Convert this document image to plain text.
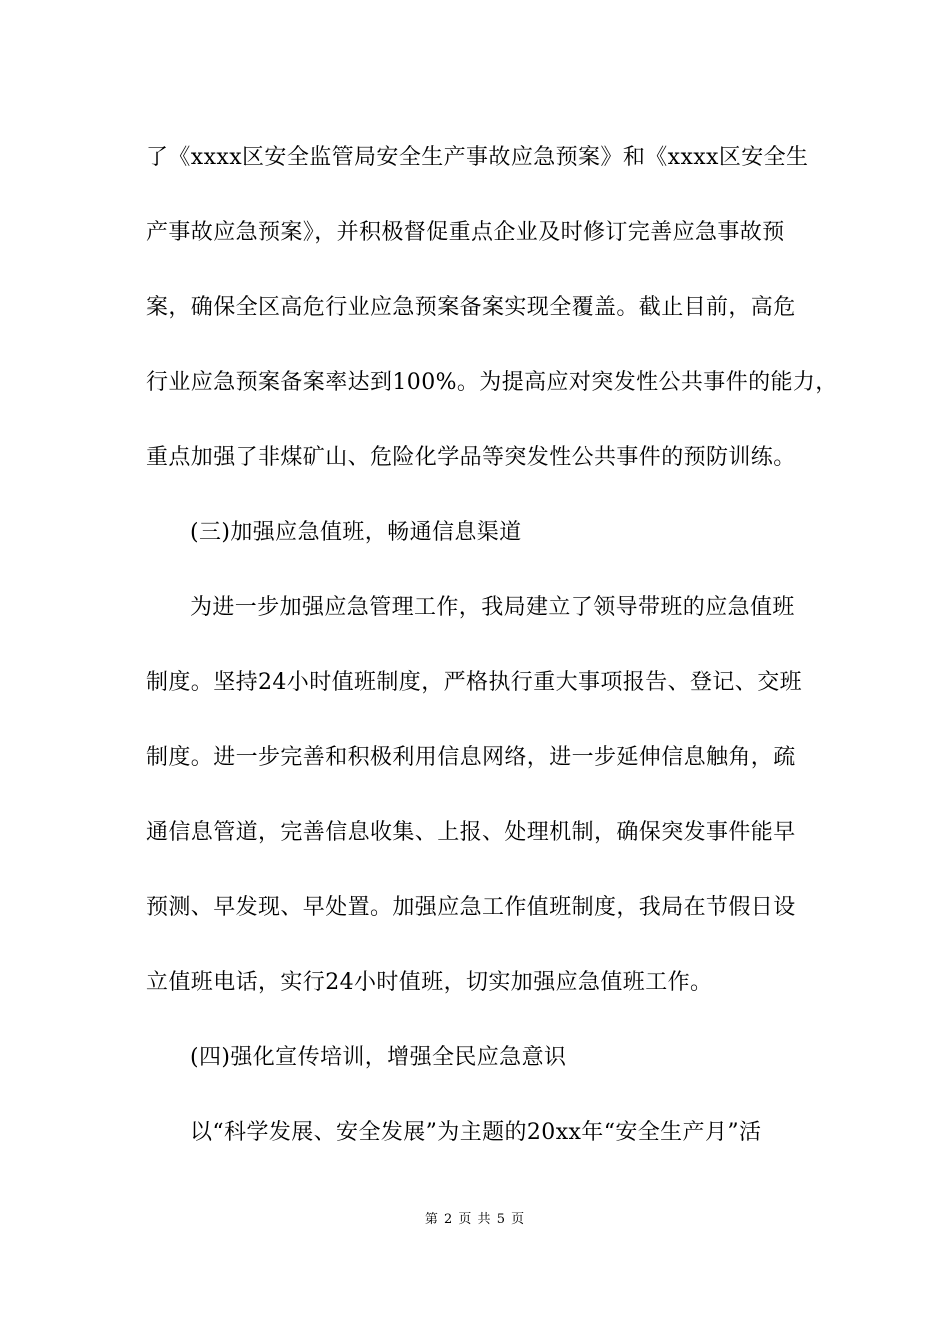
了《xxxx区安全监管局安全生产事故应急预案》和《xxxx区安全生
产事故应急预案》，并积极督促重点企业及时修订完善应急事故预
案，确保全区高危行业应急预案备案实现全覆盖。截止目前，高危
行业应急预案备案率达到100%。为提高应对突发性公共事件的能力，
重点加强了非煤矿山、危险化学品等突发性公共事件的预防训练。
(三)加强应急值班，畅通信息渠道
为进一步加强应急管理工作，我局建立了领导带班的应急值班
制度。坚持24小时值班制度，严格执行重大事项报告、登记、交班
制度。进一步完善和积极利用信息网络，进一步延伸信息触角，疏
通信息管道，完善信息收集、上报、处理机制，确保突发事件能早
预测、早发现、早处置。加强应急工作值班制度，我局在节假日设
立值班电话，实行24小时值班，切实加强应急值班工作。
(四)强化宣传培训，增强全民应急意识
以“科学发展、安全发展”为主题的20xx年“安全生产月”活
第 2 页 共 5 页
